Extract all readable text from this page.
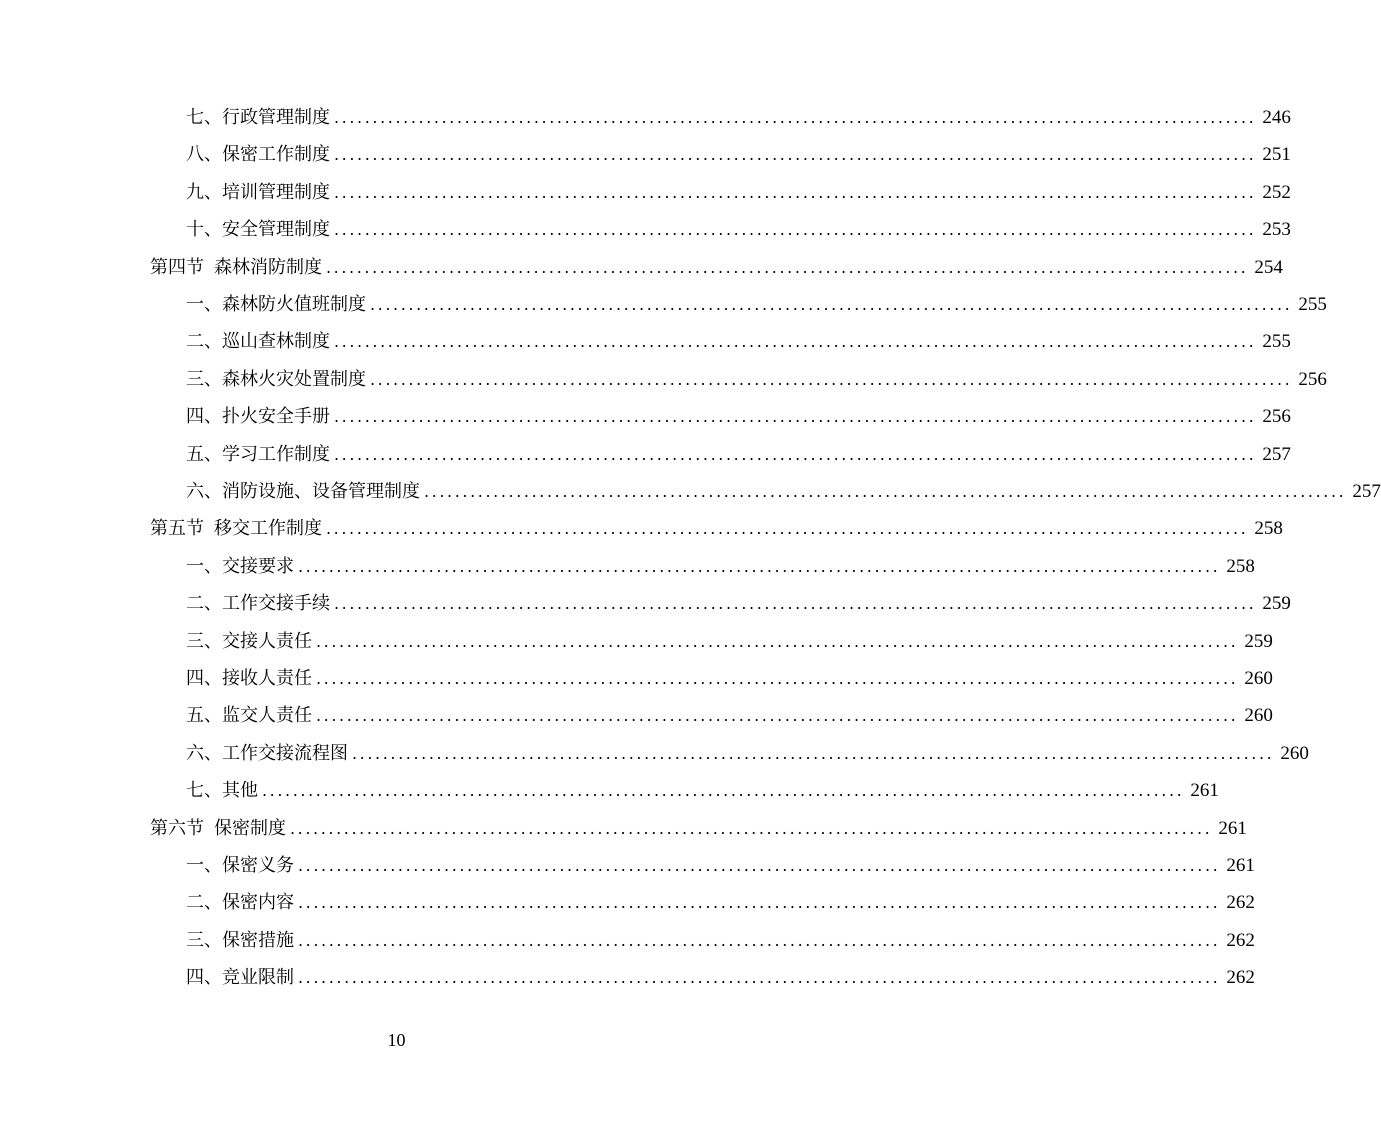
七、 行政管理制度 ........................................................................................................................ 246
八、 保密工作制度 ........................................................................................................................ 251
九、 培训管理制度 ........................................................................................................................ 252
十、 安全管理制度 ........................................................................................................................ 253
第四节 森林消防制度 ........................................................................................................................ 254
一、 森林防火值班制度 ........................................................................................................................ 255
二、 巡山查林制度 ........................................................................................................................ 255
三、 森林火灾处置制度 ........................................................................................................................ 256
四、 扑火安全手册 ........................................................................................................................ 256
五、 学习工作制度 ........................................................................................................................ 257
六、 消防设施、设备管理制度 ........................................................................................................................ 257
第五节 移交工作制度 ........................................................................................................................ 258
一、 交接要求 ........................................................................................................................ 258
二、 工作交接手续 ........................................................................................................................ 259
三、 交接人责任 ........................................................................................................................ 259
四、 接收人责任 ........................................................................................................................ 260
五、 监交人责任 ........................................................................................................................ 260
六、 工作交接流程图 ........................................................................................................................ 260
七、 其他 ........................................................................................................................ 261
第六节 保密制度 ........................................................................................................................ 261
一、 保密义务 ........................................................................................................................ 261
二、 保密内容 ........................................................................................................................ 262
三、 保密措施 ........................................................................................................................ 262
四、 竞业限制 ........................................................................................................................ 262
10
